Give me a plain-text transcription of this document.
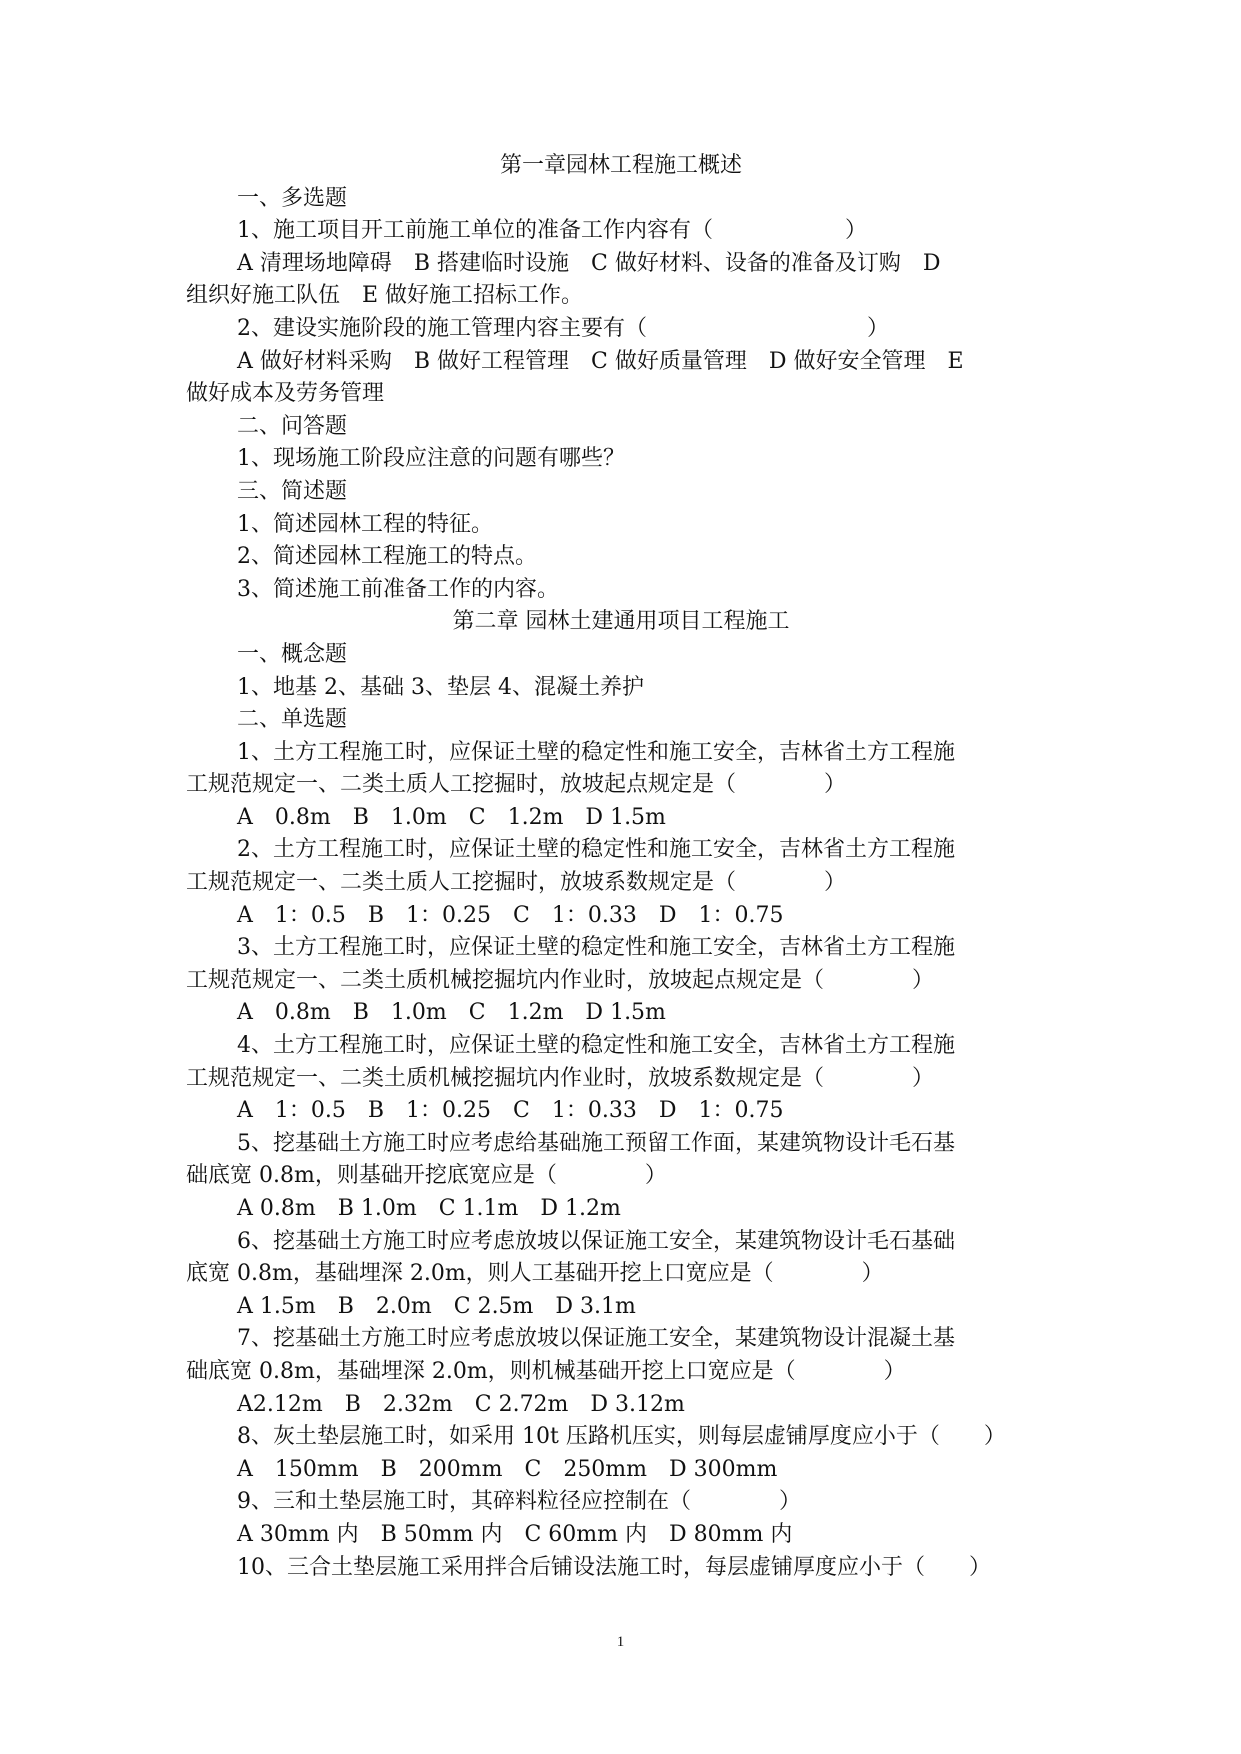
第一章园林工程施工概述
一、多选题
1、施工项目开工前施工单位的准备工作内容有（　　　　　　）
A 清理场地障碍　B 搭建临时设施　C 做好材料、设备的准备及订购　D
组织好施工队伍　E 做好施工招标工作。
2、建设实施阶段的施工管理内容主要有（　　　　　　　　　　）
A 做好材料采购　B 做好工程管理　C 做好质量管理　D 做好安全管理　E
做好成本及劳务管理
二、问答题
1、现场施工阶段应注意的问题有哪些？
三、简述题
1、简述园林工程的特征。
2、简述园林工程施工的特点。
3、简述施工前准备工作的内容。
第二章 园林土建通用项目工程施工
一、概念题
1、地基 2、基础 3、垫层 4、混凝土养护
二、单选题
1、土方工程施工时，应保证土壁的稳定性和施工安全，吉林省土方工程施
工规范规定一、二类土质人工挖掘时，放坡起点规定是（　　　　）
A　0.8m　B　1.0m　C　1.2m　D 1.5m
2、土方工程施工时，应保证土壁的稳定性和施工安全，吉林省土方工程施
工规范规定一、二类土质人工挖掘时，放坡系数规定是（　　　　）
A　1：0.5　B　1：0.25　C　1：0.33　D　1：0.75
3、土方工程施工时，应保证土壁的稳定性和施工安全，吉林省土方工程施
工规范规定一、二类土质机械挖掘坑内作业时，放坡起点规定是（　　　　）
A　0.8m　B　1.0m　C　1.2m　D 1.5m
4、土方工程施工时，应保证土壁的稳定性和施工安全，吉林省土方工程施
工规范规定一、二类土质机械挖掘坑内作业时，放坡系数规定是（　　　　）
A　1：0.5　B　1：0.25　C　1：0.33　D　1：0.75
5、挖基础土方施工时应考虑给基础施工预留工作面，某建筑物设计毛石基
础底宽 0.8m，则基础开挖底宽应是（　　　　）
A 0.8m　B 1.0m　C 1.1m　D 1.2m
6、挖基础土方施工时应考虑放坡以保证施工安全，某建筑物设计毛石基础
底宽 0.8m，基础埋深 2.0m，则人工基础开挖上口宽应是（　　　　）
A 1.5m　B　2.0m　C 2.5m　D 3.1m
7、挖基础土方施工时应考虑放坡以保证施工安全，某建筑物设计混凝土基
础底宽 0.8m，基础埋深 2.0m，则机械基础开挖上口宽应是（　　　　）
A2.12m　B　2.32m　C 2.72m　D 3.12m
8、灰土垫层施工时，如采用 10t 压路机压实，则每层虚铺厚度应小于（　　）
A　150mm　B　200mm　C　250mm　D 300mm
9、三和土垫层施工时，其碎料粒径应控制在（　　　　）
A 30mm 内　B 50mm 内　C 60mm 内　D 80mm 内
10、三合土垫层施工采用拌合后铺设法施工时，每层虚铺厚度应小于（　　）
1
